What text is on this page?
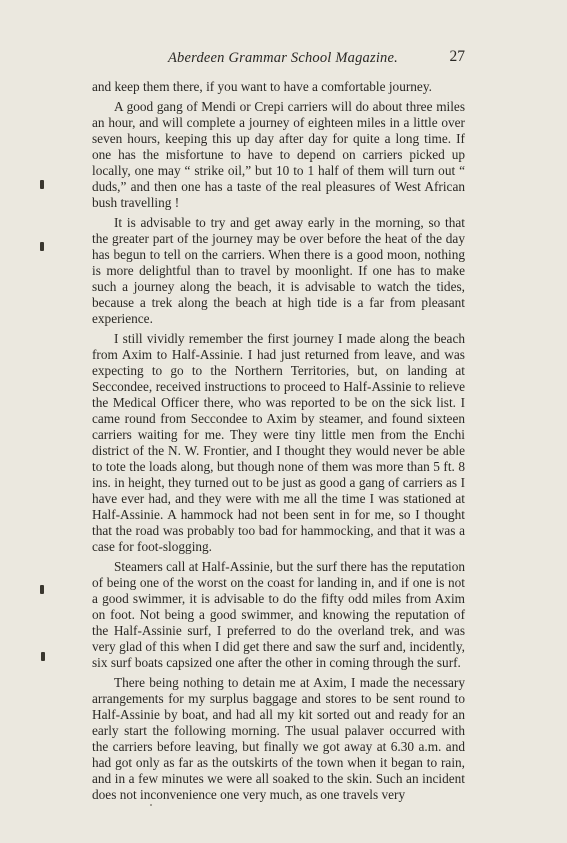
Aberdeen Grammar School Magazine.	27

and keep them there, if you want to have a comfortable journey.

A good gang of Mendi or Crepi carriers will do about three miles an hour, and will complete a journey of eighteen miles in a little over seven hours, keeping this up day after day for quite a long time. If one has the misfortune to have to depend on carriers picked up locally, one may “ strike oil,” but 10 to 1 half of them will turn out “ duds,” and then one has a taste of the real pleasures of West African bush travelling !

It is advisable to try and get away early in the morning, so that the greater part of the journey may be over before the heat of the day has begun to tell on the carriers. When there is a good moon, nothing is more delightful than to travel by moonlight. If one has to make such a journey along the beach, it is advisable to watch the tides, because a trek along the beach at high tide is a far from pleasant experience.

I still vividly remember the first journey I made along the beach from Axim to Half-Assinie. I had just returned from leave, and was expecting to go to the Northern Territories, but, on landing at Seccondee, received instructions to proceed to Half-Assinie to relieve the Medical Officer there, who was reported to be on the sick list. I came round from Seccondee to Axim by steamer, and found sixteen carriers waiting for me. They were tiny little men from the Enchi district of the N. W. Frontier, and I thought they would never be able to tote the loads along, but though none of them was more than 5 ft. 8 ins. in height, they turned out to be just as good a gang of carriers as I have ever had, and they were with me all the time I was stationed at Half-Assinie. A hammock had not been sent in for me, so I thought that the road was probably too bad for hammocking, and that it was a case for foot-slogging.

Steamers call at Half-Assinie, but the surf there has the reputation of being one of the worst on the coast for landing in, and if one is not a good swimmer, it is advisable to do the fifty odd miles from Axim on foot. Not being a good swimmer, and knowing the reputation of the Half-Assinie surf, I preferred to do the overland trek, and was very glad of this when I did get there and saw the surf and, incidently, six surf boats capsized one after the other in coming through the surf.

There being nothing to detain me at Axim, I made the necessary arrangements for my surplus baggage and stores to be sent round to Half-Assinie by boat, and had all my kit sorted out and ready for an early start the following morning. The usual palaver occurred with the carriers before leaving, but finally we got away at 6.30 a.m. and had got only as far as the outskirts of the town when it began to rain, and in a few minutes we were all soaked to the skin. Such an incident does not inconvenience one very much, as one travels very
